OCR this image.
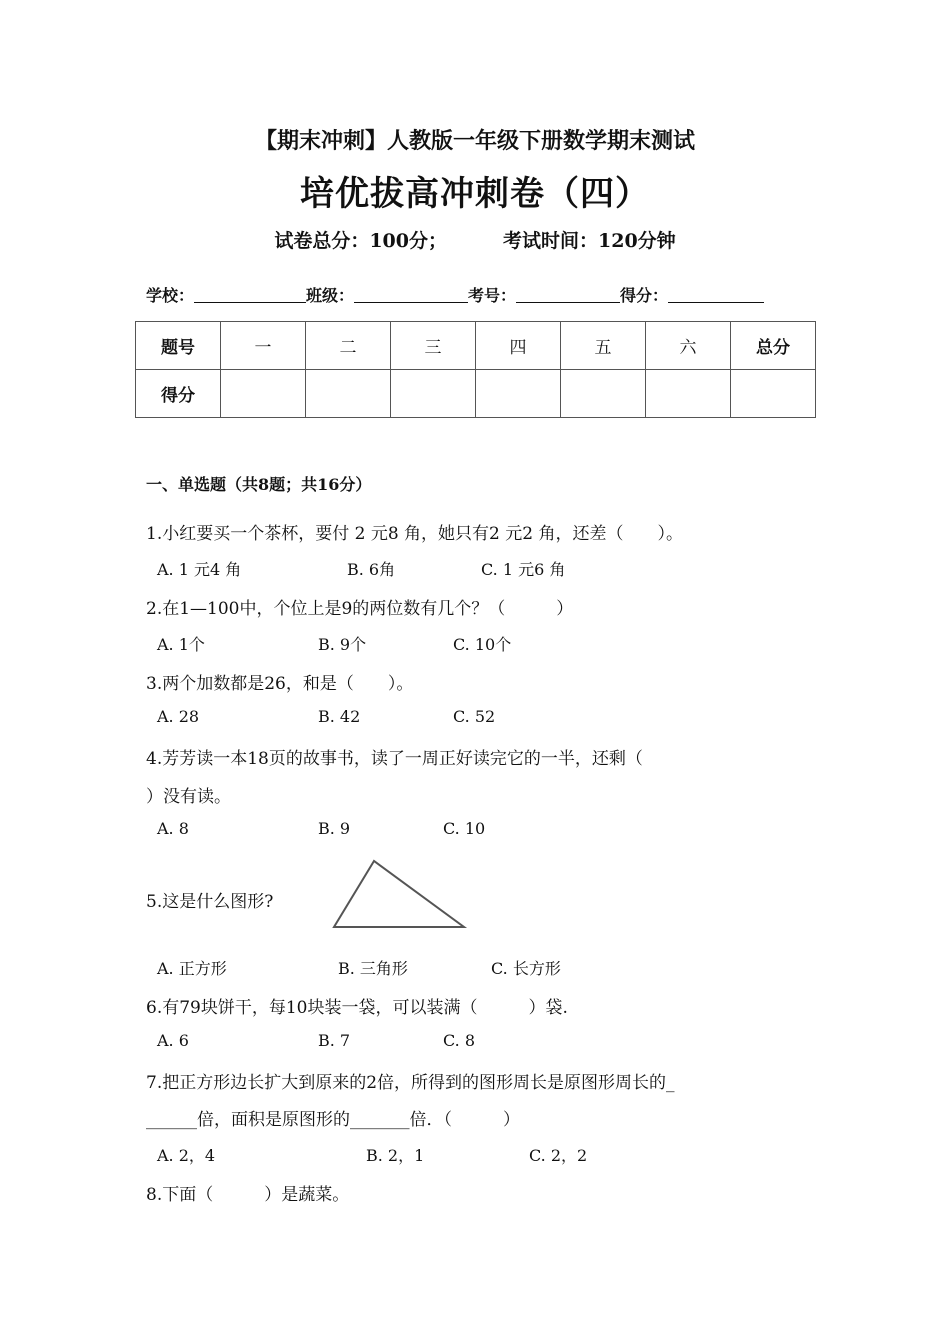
【期末冲刺】人教版一年级下册数学期末测试
培优拔高冲刺卷（四）
试卷总分：100分；	考试时间：120分钟
学校：	班级：	考号：	得分：
题号	一	二	三	四	五	六	总分
得分							
一、单选题（共8题；共16分）
1.小红要买一个茶杯，要付 2 元8 角，她只有2 元2 角，还差（　　）。
A. 1 元4 角	B. 6角	C. 1 元6 角
2.在1—100中，个位上是9的两位数有几个？（　　　）
A. 1个	B. 9个	C. 10个
3.两个加数都是26，和是（　　）。
A. 28	B. 42	C. 52
4.芳芳读一本18页的故事书，读了一周正好读完它的一半，还剩（
）没有读。
A. 8	B. 9	C. 10
5.这是什么图形?
A. 正方形	B. 三角形	C. 长方形
6.有79块饼干，每10块装一袋，可以装满（　　　）袋.
A. 6	B. 7	C. 8
7.把正方形边长扩大到原来的2倍，所得到的图形周长是原图形周长的_
______倍，面积是原图形的_______倍．（　　　）
A. 2，4	B. 2，1	C. 2，2
8.下面（　　　）是蔬菜。
